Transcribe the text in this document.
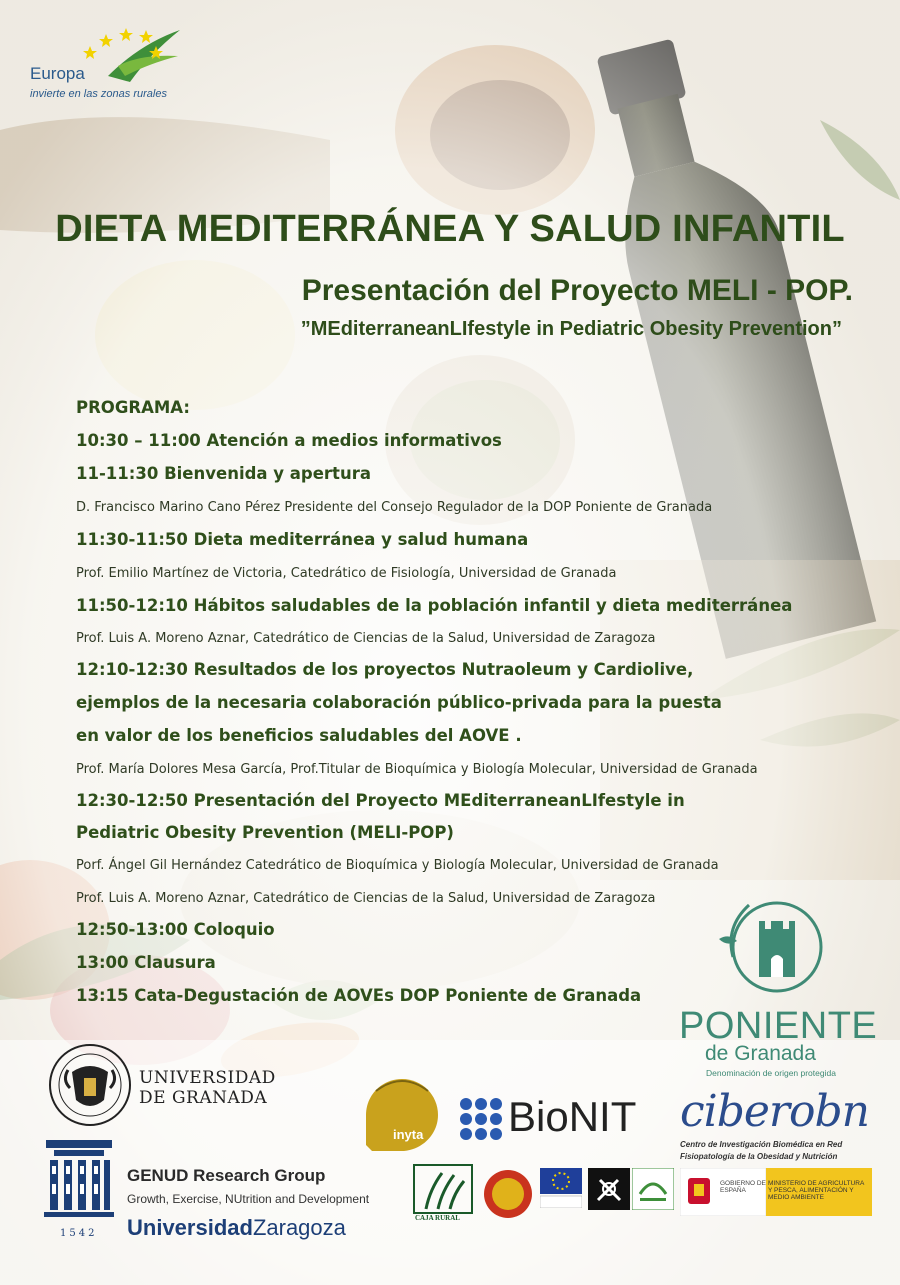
Europa
invierte en las zonas rurales
DIETA MEDITERRÁNEA Y SALUD INFANTIL
Presentación del Proyecto MELI - POP.
”MEditerraneanLIfestyle in Pediatric Obesity Prevention”
PROGRAMA:
10:30 – 11:00 Atención a medios informativos
11-11:30 Bienvenida y apertura
D. Francisco Marino Cano Pérez Presidente del Consejo Regulador de la DOP Poniente de Granada
11:30-11:50 Dieta mediterránea y salud humana
Prof. Emilio Martínez de Victoria, Catedrático de Fisiología, Universidad de Granada
11:50-12:10 Hábitos saludables de la población infantil y dieta mediterránea
Prof. Luis A. Moreno Aznar, Catedrático de Ciencias de la Salud, Universidad de Zaragoza
12:10-12:30 Resultados de los proyectos Nutraoleum y Cardiolive,
ejemplos de la necesaria colaboración público-privada para la puesta
en valor de los beneficios saludables del AOVE .
Prof. María Dolores Mesa García, Prof.Titular de Bioquímica y Biología Molecular, Universidad de Granada
12:30-12:50 Presentación del Proyecto MEditerraneanLIfestyle in
Pediatric Obesity Prevention (MELI-POP)
Porf. Ángel Gil Hernández Catedrático de Bioquímica y Biología Molecular, Universidad de Granada
Prof. Luis A. Moreno Aznar, Catedrático de Ciencias de la Salud, Universidad de Zaragoza
12:50-13:00 Coloquio
13:00 Clausura
13:15 Cata-Degustación de AOVEs DOP Poniente de Granada
PONIENTE
de Granada
Denominación de origen protegida
UNIVERSIDAD
DE GRANADA
1542
GENUD Research Group
Growth, Exercise, NUtrition and Development
UniversidadZaragoza
inyta BioNIT ciberobn
Centro de Investigación Biomédica en Red
Fisiopatología de la Obesidad y Nutrición
CAJA RURAL
GOBIERNO DE ESPAÑA
MINISTERIO DE AGRICULTURA Y PESCA, ALIMENTACIÓN Y MEDIO AMBIENTE
